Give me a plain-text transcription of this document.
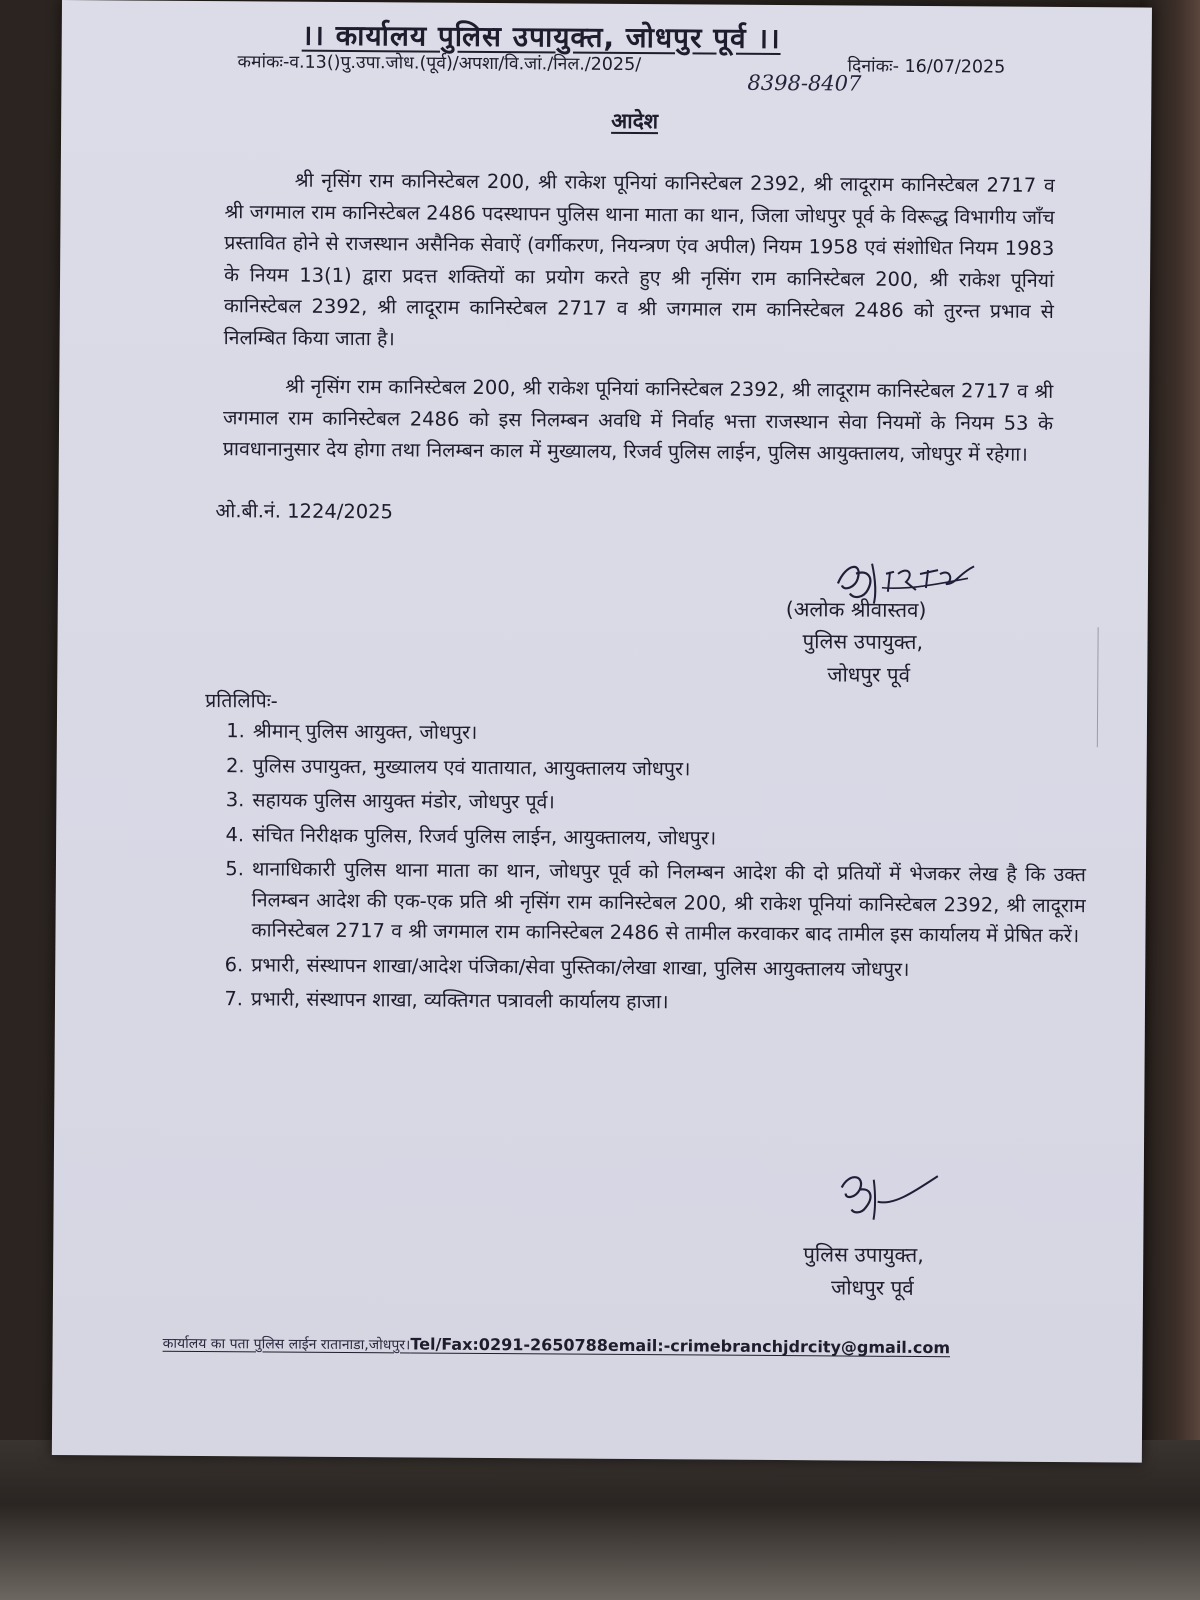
।। कार्यालय पुलिस उपायुक्त, जोधपुर पूर्व ।।
कमांकः-व.13()पु.उपा.जोध.(पूर्व)/अपशा/वि.जां./निल./2025/	दिनांकः- 16/07/2025
8398-8407
आदेश
श्री नृसिंग राम कानिस्टेबल 200, श्री राकेश पूनियां कानिस्टेबल 2392, श्री लादूराम कानिस्टेबल 2717 व श्री जगमाल राम कानिस्टेबल 2486 पदस्थापन पुलिस थाना माता का थान, जिला जोधपुर पूर्व के विरूद्ध विभागीय जाँच प्रस्तावित होने से राजस्थान असैनिक सेवाऐं (वर्गीकरण, नियन्त्रण एंव अपील) नियम 1958 एवं संशोधित नियम 1983 के नियम 13(1) द्वारा प्रदत्त शक्तियों का प्रयोग करते हुए श्री नृसिंग राम कानिस्टेबल 200, श्री राकेश पूनियां कानिस्टेबल 2392, श्री लादूराम कानिस्टेबल 2717 व श्री जगमाल राम कानिस्टेबल 2486 को तुरन्त प्रभाव से निलम्बित किया जाता है।
श्री नृसिंग राम कानिस्टेबल 200, श्री राकेश पूनियां कानिस्टेबल 2392, श्री लादूराम कानिस्टेबल 2717 व श्री जगमाल राम कानिस्टेबल 2486 को इस निलम्बन अवधि में निर्वाह भत्ता राजस्थान सेवा नियमों के नियम 53 के प्रावधानानुसार देय होगा तथा निलम्बन काल में मुख्यालय, रिजर्व पुलिस लाईन, पुलिस आयुक्तालय, जोधपुर में रहेगा।
ओ.बी.नं. 1224/2025
(अलोक श्रीवास्तव)
पुलिस उपायुक्त,
जोधपुर पूर्व
प्रतिलिपिः-
1. श्रीमान् पुलिस आयुक्त, जोधपुर।
2. पुलिस उपायुक्त, मुख्यालय एवं यातायात, आयुक्तालय जोधपुर।
3. सहायक पुलिस आयुक्त मंडोर, जोधपुर पूर्व।
4. संचित निरीक्षक पुलिस, रिजर्व पुलिस लाईन, आयुक्तालय, जोधपुर।
5. थानाधिकारी पुलिस थाना माता का थान, जोधपुर पूर्व को निलम्बन आदेश की दो प्रतियों में भेजकर लेख है कि उक्त निलम्बन आदेश की एक-एक प्रति श्री नृसिंग राम कानिस्टेबल 200, श्री राकेश पूनियां कानिस्टेबल 2392, श्री लादूराम कानिस्टेबल 2717 व श्री जगमाल राम कानिस्टेबल 2486 से तामील करवाकर बाद तामील इस कार्यालय में प्रेषित करें।
6. प्रभारी, संस्थापन शाखा/आदेश पंजिका/सेवा पुस्तिका/लेखा शाखा, पुलिस आयुक्तालय जोधपुर।
7. प्रभारी, संस्थापन शाखा, व्यक्तिगत पत्रावली कार्यालय हाजा।
पुलिस उपायुक्त,
जोधपुर पूर्व
कार्यालय का पता पुलिस लाईन रातानाडा,जोधपुर।Tel/Fax:0291-2650788email:-crimebranchjdrcity@gmail.com
